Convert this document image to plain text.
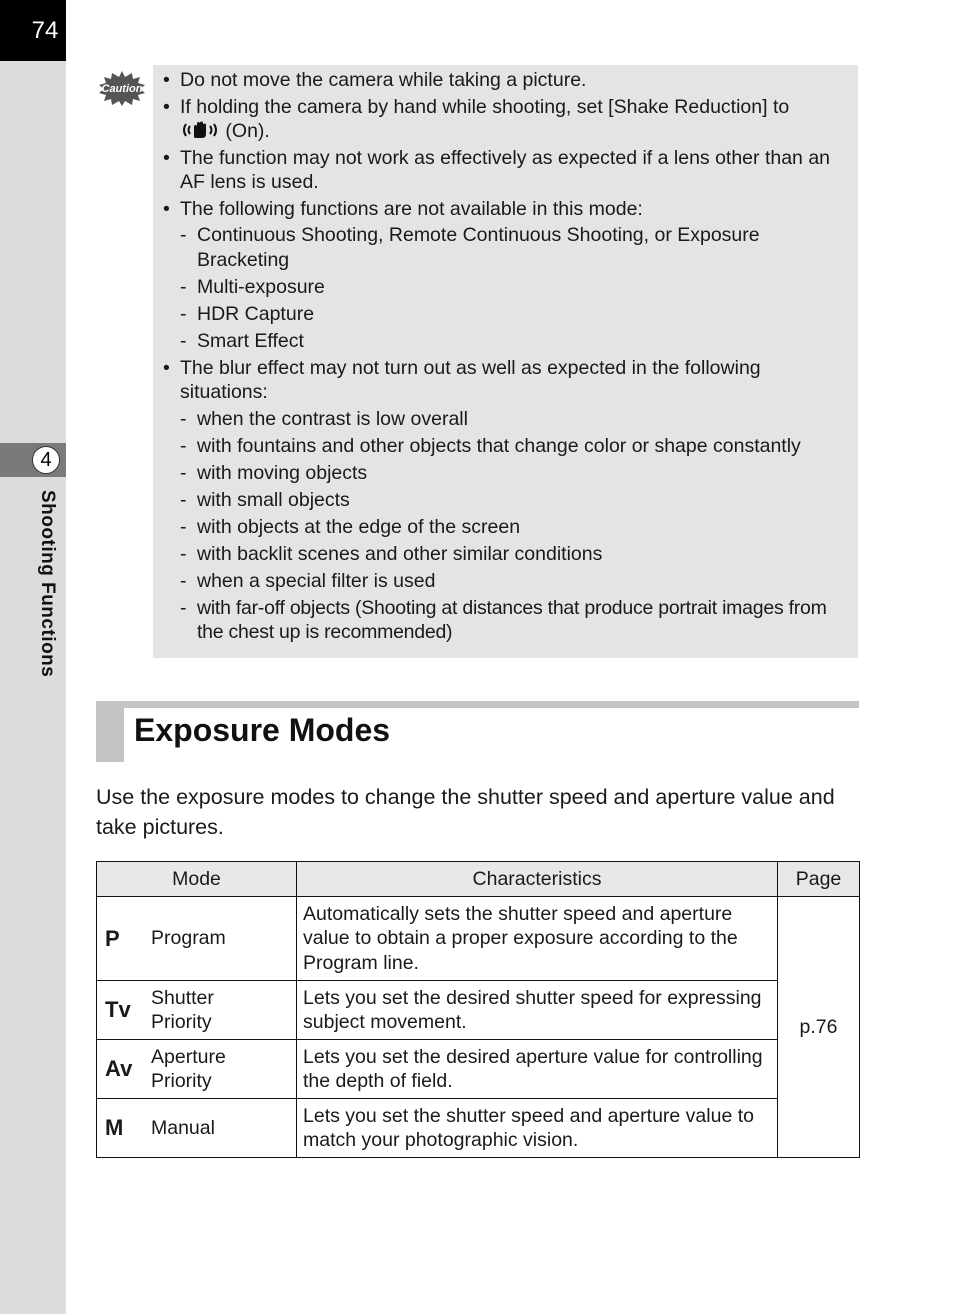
74
4
Shooting Functions
Caution • Do not move the camera while taking a picture.
• If holding the camera by hand while shooting, set [Shake Reduction] to
(On).
• The function may not work as effectively as expected if a lens other than an AF lens is used.
• The following functions are not available in this mode:
- Continuous Shooting, Remote Continuous Shooting, or Exposure Bracketing
- Multi-exposure
- HDR Capture
- Smart Effect
• The blur effect may not turn out as well as expected in the following situations:
- when the contrast is low overall
- with fountains and other objects that change color or shape constantly
- with moving objects
- with small objects
- with objects at the edge of the screen
- with backlit scenes and other similar conditions
- when a special filter is used
- with far-off objects (Shooting at distances that produce portrait images from the chest up is recommended)
Exposure Modes
Use the exposure modes to change the shutter speed and aperture value and take pictures.
Mode	Characteristics	Page

P Program	Automatically sets the shutter speed and aperture value to obtain a proper exposure according to the Program line.	p.76

Tv Shutter Priority	Lets you set the desired shutter speed for expressing subject movement.	

Av Aperture Priority	Lets you set the desired aperture value for controlling the depth of field.	

M Manual	Lets you set the shutter speed and aperture value to match your photographic vision.	
